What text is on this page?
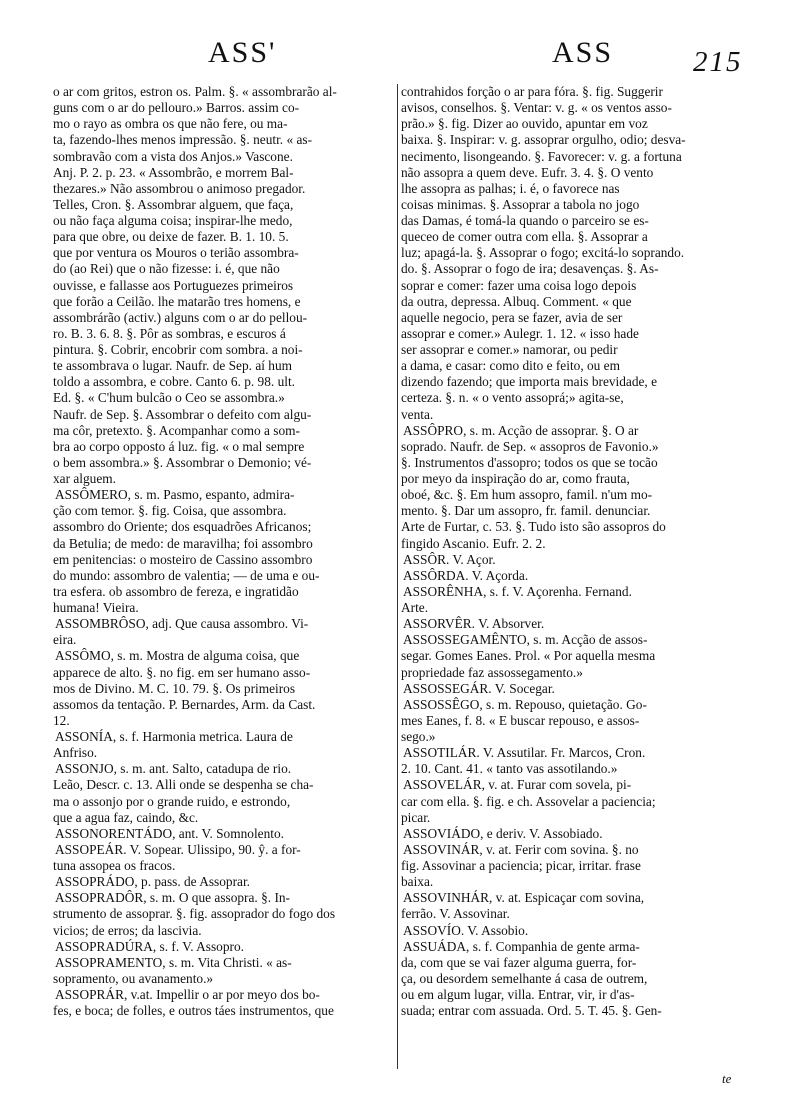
ASS'	ASS	215

o ar com gritos, estron os. Palm. §. « assombrarão al-

guns com o ar do pellouro.» Barros. assim co-

mo o rayo as ombra os que não fere, ou ma-

ta, fazendo-lhes menos impressão. §. neutr. « as-

sombravão com a vista dos Anjos.» Vascone.

Anj. P. 2. p. 23. « Assombrão, e morrem Bal-

thezares.» Não assombrou o animoso pregador.

Telles, Cron. §. Assombrar alguem, que faça,

ou não faça alguma coisa; inspirar-lhe medo,

para que obre, ou deixe de fazer. B. 1. 10. 5.

que por ventura os Mouros o terião assombra-

do (ao Rei) que o não fizesse: i. é, que não

ouvisse, e fallasse aos Portuguezes primeiros

que forão a Ceilão. lhe matarão tres homens, e

assombrárão (activ.) alguns com o ar do pellou-

ro. B. 3. 6. 8. §. Pôr as sombras, e escuros á

pintura. §. Cobrir, encobrir com sombra. a noi-

te assombrava o lugar. Naufr. de Sep. aí hum

toldo a assombra, e cobre. Canto 6. p. 98. ult.

Ed. §. « C'hum bulcão o Ceo se assombra.»

Naufr. de Sep. §. Assombrar o defeito com algu-

ma côr, pretexto. §. Acompanhar como a som-

bra ao corpo opposto á luz. fig. « o mal sempre

o bem assombra.» §. Assombrar o Demonio; vé-

xar alguem.

ASSÔMERO, s. m. Pasmo, espanto, admira-

ção com temor. §. fig. Coisa, que assombra.

assombro do Oriente; dos esquadrões Africanos;

da Betulia; de medo: de maravilha; foi assombro

em penitencias: o mosteiro de Cassino assombro

do mundo: assombro de valentia; — de uma e ou-

tra esfera. ob assombro de fereza, e ingratidão

humana! Vieira.

ASSOMBRÔSO, adj. Que causa assombro. Vi-

eira.

ASSÔMO, s. m. Mostra de alguma coisa, que

apparece de alto. §. no fig. em ser humano asso-

mos de Divino. M. C. 10. 79. §. Os primeiros

assomos da tentação. P. Bernardes, Arm. da Cast.

12.

ASSONÍA, s. f. Harmonia metrica. Laura de

Anfriso.

ASSONJO, s. m. ant. Salto, catadupa de rio.

Leão, Descr. c. 13. Alli onde se despenha se cha-

ma o assonjo por o grande ruido, e estrondo,

que a agua faz, caindo, &c.

ASSONORENTÁDO, ant. V. Somnolento.

ASSOPEÁR. V. Sopear. Ulissipo, 90. ŷ. a for-

tuna assopea os fracos.

ASSOPRÁDO, p. pass. de Assoprar.

ASSOPRADÔR, s. m. O que assopra. §. In-

strumento de assoprar. §. fig. assoprador do fogo dos

vicios; de erros; da lascivia.

ASSOPRADÚRA, s. f. V. Assopro.

ASSOPRAMENTO, s. m. Vita Christi. « as-

sopramento, ou avanamento.»

ASSOPRÁR, v.at. Impellir o ar por meyo dos bo-

fes, e boca; de folles, e outros táes instrumentos, que

contrahidos forção o ar para fóra. §. fig. Suggerir

avisos, conselhos. §. Ventar: v. g. « os ventos asso-

prão.» §. fig. Dizer ao ouvido, apuntar em voz

baixa. §. Inspirar: v. g. assoprar orgulho, odio; desva-

necimento, lisongeando. §. Favorecer: v. g. a fortuna

não assopra a quem deve. Eufr. 3. 4. §. O vento

lhe assopra as palhas; i. é, o favorece nas

coisas minimas. §. Assoprar a tabola no jogo

das Damas, é tomá-la quando o parceiro se es-

queceo de comer outra com ella. §. Assoprar a

luz; apagá-la. §. Assoprar o fogo; excitá-lo soprando.

do. §. Assoprar o fogo de ira; desavenças. §. As-

soprar e comer: fazer uma coisa logo depois

da outra, depressa. Albuq. Comment. « que

aquelle negocio, pera se fazer, avia de ser

assoprar e comer.» Aulegr. 1. 12. « isso hade

ser assoprar e comer.» namorar, ou pedir

a dama, e casar: como dito e feito, ou em

dizendo fazendo; que importa mais brevidade, e

certeza. §. n. « o vento assoprá;» agita-se,

venta.

ASSÔPRO, s. m. Acção de assoprar. §. O ar

soprado. Naufr. de Sep. « assopros de Favonio.»

§. Instrumentos d'assopro; todos os que se tocão

por meyo da inspiração do ar, como frauta,

oboé, &c. §. Em hum assopro, famil. n'um mo-

mento. §. Dar um assopro, fr. famil. denunciar.

Arte de Furtar, c. 53. §. Tudo isto são assopros do

fingido Ascanio. Eufr. 2. 2.

ASSÔR. V. Açor.

ASSÔRDA. V. Açorda.

ASSORÊNHA, s. f. V. Açorenha. Fernand.

Arte.

ASSORVÊR. V. Absorver.

ASSOSSEGAMÊNTO, s. m. Acção de assos-

segar. Gomes Eanes. Prol. « Por aquella mesma

propriedade faz assossegamento.»

ASSOSSEGÁR. V. Socegar.

ASSOSSÊGO, s. m. Repouso, quietação. Go-

mes Eanes, f. 8. « E buscar repouso, e assos-

sego.»

ASSOTILÁR. V. Assutilar. Fr. Marcos, Cron.

2. 10. Cant. 41. « tanto vas assotilando.»

ASSOVELÁR, v. at. Furar com sovela, pi-

car com ella. §. fig. e ch. Assovelar a paciencia;

picar.

ASSOVIÁDO, e deriv. V. Assobiado.

ASSOVINÁR, v. at. Ferir com sovina. §. no

fig. Assovinar a paciencia; picar, irritar. frase

baixa.

ASSOVINHÁR, v. at. Espicaçar com sovina,

ferrão. V. Assovinar.

ASSOVÍO. V. Assobio.

ASSUÁDA, s. f. Companhia de gente arma-

da, com que se vai fazer alguma guerra, for-

ça, ou desordem semelhante á casa de outrem,

ou em algum lugar, villa. Entrar, vir, ir d'as-

suada; entrar com assuada. Ord. 5. T. 45. §. Gen-

te
